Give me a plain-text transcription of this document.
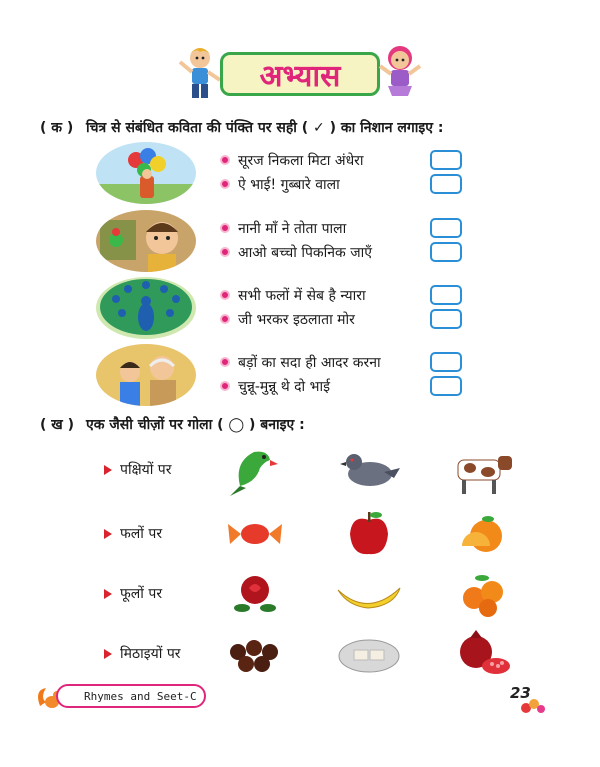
अभ्यास
( क ) चित्र से संबंधित कविता की पंक्ति पर सही ( ✓ ) का निशान लगाइए :
सूरज निकला मिटा अंधेरा
ऐ भाई! गुब्बारे वाला
नानी माँ ने तोता पाला
आओ बच्चो पिकनिक जाएँ
सभी फलों में सेब है न्यारा
जी भरकर इठलाता मोर
बड़ों का सदा ही आदर करना
चुन्नू-मुन्नू थे दो भाई
( ख ) एक जैसी चीज़ों पर गोला ( ◯ ) बनाइए :
पक्षियों पर
फलों पर
फूलों पर
मिठाइयों पर
Rhymes and Seet-C	23
